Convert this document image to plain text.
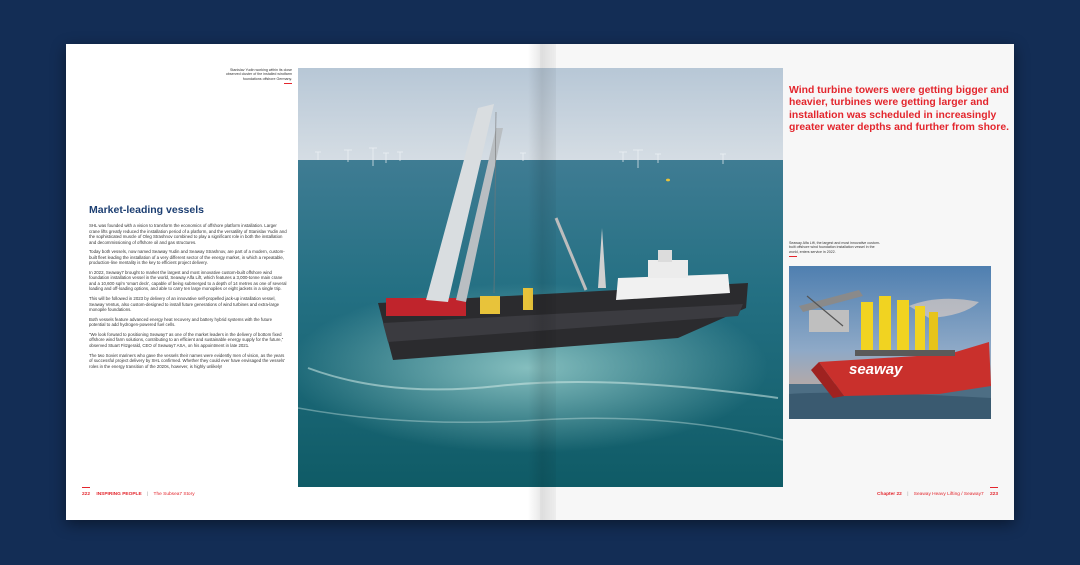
Stanislav Yudin working within its close observed cluster of the installed windfarm foundations offshore Germany.
Market-leading vessels

SHL was founded with a vision to transform the economics of offshore platform installation. Larger crane lifts greatly reduced the installation period of a platform, and the versatility of Stanislav Yudin and the sophisticated muscle of Oleg Strashnov combined to play a significant role in both the installation and decommissioning of offshore oil and gas structures.

Today both vessels, now named Seaway Yudin and Seaway Strashnov, are part of a modern, custom-built fleet leading the installation of a very different sector of the energy market, in which a repeatable, production-line mentality is the key to efficient project delivery.

In 2022, Seaway7 brought to market the largest and most innovative custom-built offshore wind foundation installation vessel in the world, Seaway Alfa Lift, which features a 3,000-tonne main crane and a 10,600 sq/m 'smart deck', capable of being submerged to a depth of 14 metres as one of several loading and off-loading options, and able to carry ten large monopiles or eight jackets in a single trip.

This will be followed in 2023 by delivery of an innovative self-propelled jack-up installation vessel, Seaway Ventus, also custom-designed to install future generations of wind turbines and extra-large monopile foundations.

Both vessels feature advanced energy heat recovery and battery hybrid systems with the future potential to add hydrogen-powered fuel cells.

“We look forward to positioning Seaway7 as one of the market leaders in the delivery of bottom fixed offshore wind farm solutions, contributing to an efficient and sustainable energy supply for the future,” observed Stuart Fitzgerald, CEO of Seaway7 ASA, on his appointment in late 2021.

The two Soviet mariners who gave the vessels their names were evidently men of vision, as the years of successful project delivery by SHL confirmed. Whether they could ever have envisaged the vessels’ roles in the energy transition of the 2020s, however, is highly unlikely!

Wind turbine towers were getting bigger and heavier, turbines were getting larger and installation was scheduled in increasingly greater water depths and further from shore.

Seaway Alfa Lift, the largest and most innovative custom-built offshore wind foundation installation vessel in the world, enters service in 2022.
seaway
222 INSPIRING PEOPLE | The Subsea7 Story	Chapter 22 | Seaway Heavy Lifting / Seaway7 223
